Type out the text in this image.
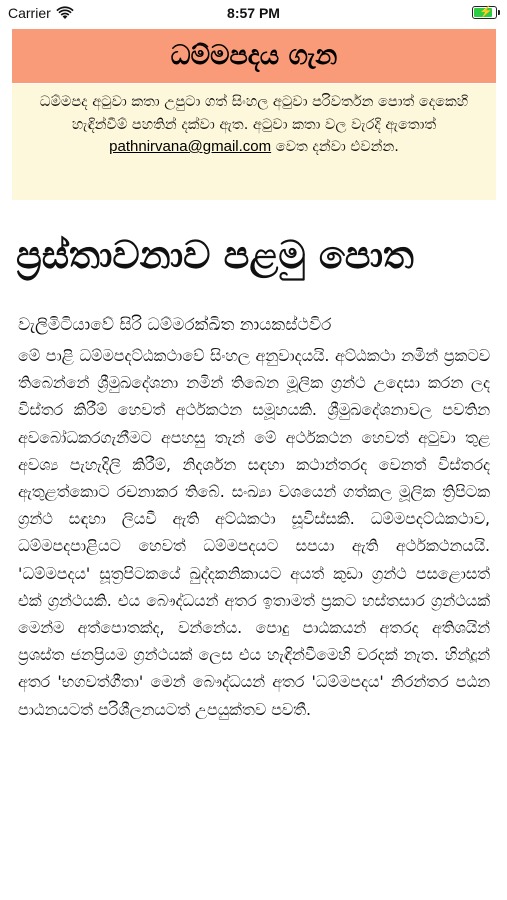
Carrier	8:57 PM	⚡
ධම්මපදය ගැන
ධම්මපද අටුවා කතා උපුටා ගත් සිංහල අටුවා පරිවර්තන පොත් දෙකෙහි හැඳින්වීම් පහතින් දක්වා ඇත. අටුවා කතා වල වැරදි ඇතොත් pathnirvana@gmail.com වෙත දන්වා එවන්න.
ප්‍රස්තාවනාව පළමු පොත
වැලිමිටියාවේ සිරි ධම්මරක්ඛිත නායකස්ථවිර

මේ පාළි ධම්මපදට්ඨකථාවේ සිංහල අනුවාදයයි. අට්ඨකථා නමින් ප්‍රකටව තිබෙන්නේ ශ්‍රීමුඛදේශනා නමින් තිබෙන මූලික ග්‍රන්ථ උදෙසා කරන ලද විස්තර කිරීම් හෙවත් අර්ථකථන සමූහයකි. ශ්‍රීමුඛදේශනාවල පවතින අවබෝධකරගැනීමට අපහසු තැන් මේ අර්ථකථන හෙවත් අටුවා තුළ අවශ්‍ය පැහැදිලි කිරීම්, නිදර්ශන සඳහා කථාන්තරද වෙනත් විස්තරද ඇතුළත්කොට රචනාකර තිබේ. සංඛ්‍යා වශයෙන් ගත්කල මූලික ත්‍රිපිටක ග්‍රන්ථ සඳහා ලියවී ඇති අට්ඨකථා සූවිස්සකි. ධම්මපදට්ඨකථාව, ධම්මපදපාළියට හෙවත් ධම්මපදයට සපයා ඇති අර්ථකථනයයි. 'ධම්මපදය' සූත්‍රපිටකයේ ඛුද්දකනිකායට අයත් කුඩා ග්‍රන්ථ පසළොසත් එක් ග්‍රන්ථයකි. එය බෞද්ධයන් අතර ඉතාමත් ප්‍රකට හස්තසාර ග්‍රන්ථයක් මෙන්ම අත්පොතක්ද, වන්නේය. පොදු පාඨකයන් අතරද අතිශයින් ප්‍රශස්ත ජනප්‍රියම ග්‍රන්ථයක් ලෙස එය හැඳින්වීමෙහි වරදක් නැත. හින්දූන් අතර 'භගවත්ගීතා' මෙන් බෞද්ධයන් අතර 'ධම්මපදය' නිරන්තර පඨන පාඨනයටත් පරිශීලනයටත් උපයුක්තව පවතී.
